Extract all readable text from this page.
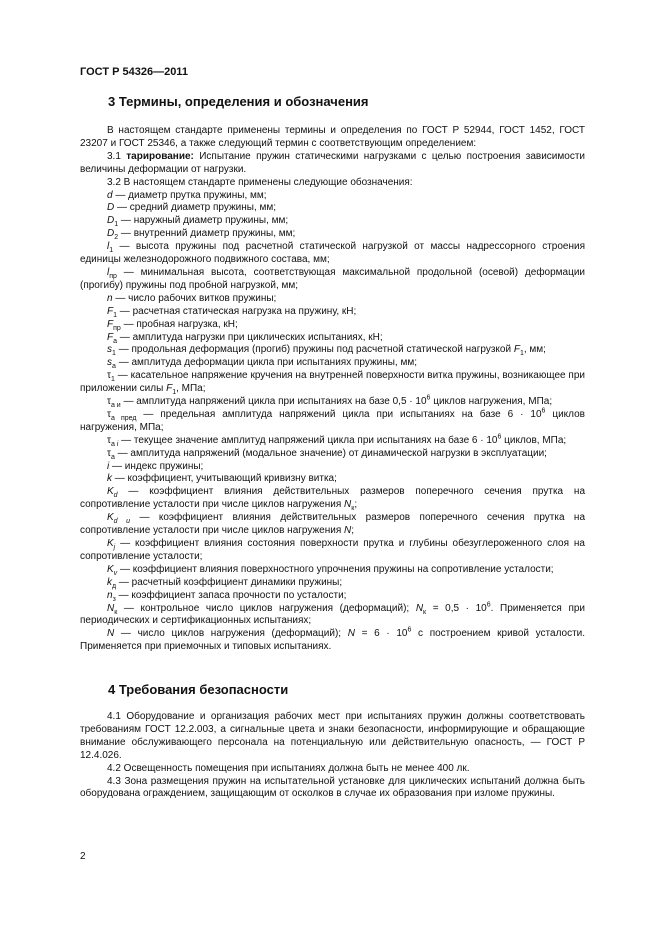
ГОСТ Р 54326—2011
3 Термины, определения и обозначения

В настоящем стандарте применены термины и определения по ГОСТ Р 52944, ГОСТ 1452, ГОСТ 23207 и ГОСТ 25346, а также следующий термин с соответствующим определением:

3.1 тарирование: Испытание пружин статическими нагрузками с целью построения зависимости величины деформации от нагрузки.

3.2 В настоящем стандарте применены следующие обозначения:

d — диаметр прутка пружины, мм;

D — средний диаметр пружины, мм;

$D_1$ — наружный диаметр пружины, мм;

$D_2$ — внутренний диаметр пружины, мм;

$l_1$ — высота пружины под расчетной статической нагрузкой от массы надрессорного строения единицы железнодорожного подвижного состава, мм;

$l_{пр}$ — минимальная высота, соответствующая максимальной продольной (осевой) деформации (прогибу) пружины под пробной нагрузкой, мм;

n — число рабочих витков пружины;

$F_1$ — расчетная статическая нагрузка на пружину, кН;

$F_{пр}$ — пробная нагрузка, кН;

$F_а$ — амплитуда нагрузки при циклических испытаниях, кН;

$s_1$ — продольная деформация (прогиб) пружины под расчетной статической нагрузкой $F_1$, мм;

$s_а$ — амплитуда деформации цикла при испытаниях пружины, мм;

$\tau_1$ — касательное напряжение кручения на внутренней поверхности витка пружины, возникающее при приложении силы $F_1$, МПа;

$\tau_{а и}$ — амплитуда напряжений цикла при испытаниях на базе $0,5 \cdot 10^6$ циклов нагружения, МПа;

$\tau_{а пред}$ — предельная амплитуда напряжений цикла при испытаниях на базе $6 \cdot 10^6$ циклов нагружения, МПа;

$\tau_{а i}$ — текущее значение амплитуд напряжений цикла при испытаниях на базе $6 \cdot 10^6$ циклов, МПа;

$\tau_а$ — амплитуда напряжений (модальное значение) от динамической нагрузки в эксплуатации;

i — индекс пружины;

k — коэффициент, учитывающий кривизну витка;

$K_d$ — коэффициент влияния действительных размеров поперечного сечения прутка на сопротивление усталости при числе циклов нагружения $N_к$;

$K_{d и}$ — коэффициент влияния действительных размеров поперечного сечения прутка на сопротивление усталости при числе циклов нагружения N;

$K_j$ — коэффициент влияния состояния поверхности прутка и глубины обезуглероженного слоя на сопротивление усталости;

$K_v$ — коэффициент влияния поверхностного упрочнения пружины на сопротивление усталости;

$k_д$ — расчетный коэффициент динамики пружины;

$n_з$ — коэффициент запаса прочности по усталости;

$N_к$ — контрольное число циклов нагружения (деформаций); $N_к = 0,5 \cdot 10^6$. Применяется при периодических и сертификационных испытаниях;

N — число циклов нагружения (деформаций); $N = 6 \cdot 10^6$ с построением кривой усталости. Применяется при приемочных и типовых испытаниях.

4 Требования безопасности

4.1 Оборудование и организация рабочих мест при испытаниях пружин должны соответствовать требованиям ГОСТ 12.2.003, а сигнальные цвета и знаки безопасности, информирующие и обращающие внимание обслуживающего персонала на потенциальную или действительную опасность, — ГОСТ Р 12.4.026.

4.2 Освещенность помещения при испытаниях должна быть не менее 400 лк.

4.3 Зона размещения пружин на испытательной установке для циклических испытаний должна быть оборудована ограждением, защищающим от осколков в случае их образования при изломе пружины.

2
